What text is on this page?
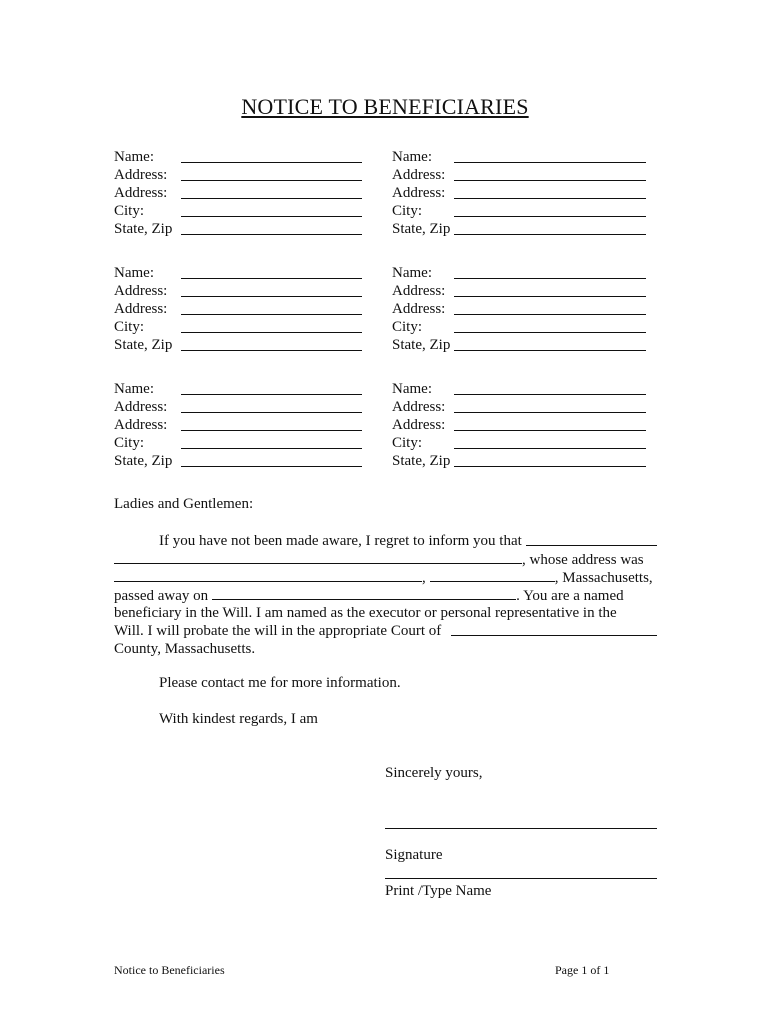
NOTICE TO BENEFICIARIES
Name:
Address:
Address:
City:
State, Zip
Name:
Address:
Address:
City:
State, Zip
Name:
Address:
Address:
City:
State, Zip
Name:
Address:
Address:
City:
State, Zip
Name:
Address:
Address:
City:
State, Zip
Name:
Address:
Address:
City:
State, Zip
Ladies and Gentlemen:
If you have not been made aware, I regret to inform you that
, whose address was
,	, Massachusetts,
passed away on	. You are a named
beneficiary in the Will. I am named as the executor or personal representative in the
Will. I will probate the will in the appropriate Court of
County, Massachusetts.
Please contact me for more information.
With kindest regards, I am
Sincerely yours,
Signature
Print /Type Name
Notice to Beneficiaries	Page 1 of 1
